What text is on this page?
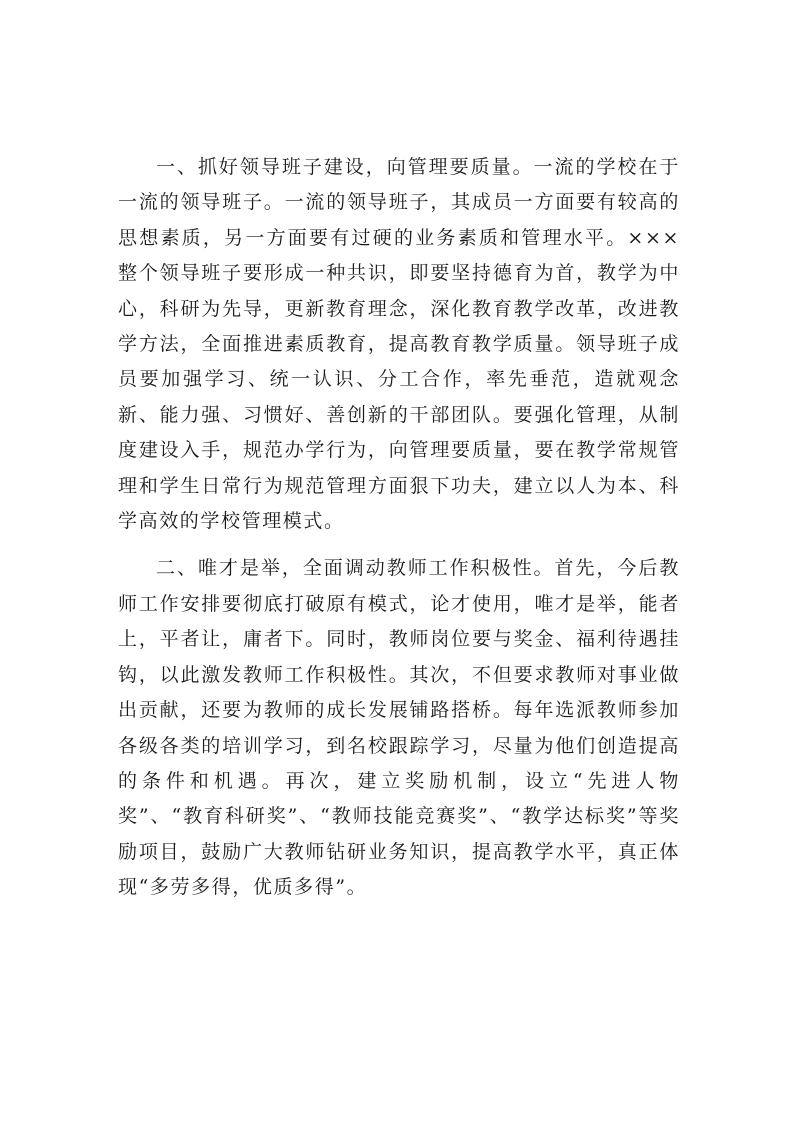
一、抓好领导班子建设，向管理要质量。一流的学校在于一流的领导班子。一流的领导班子，其成员一方面要有较高的思想素质，另一方面要有过硬的业务素质和管理水平。×××整个领导班子要形成一种共识，即要坚持德育为首，教学为中心，科研为先导，更新教育理念，深化教育教学改革，改进教学方法，全面推进素质教育，提高教育教学质量。领导班子成员要加强学习、统一认识、分工合作，率先垂范，造就观念新、能力强、习惯好、善创新的干部团队。要强化管理，从制度建设入手，规范办学行为，向管理要质量，要在教学常规管理和学生日常行为规范管理方面狠下功夫，建立以人为本、科学高效的学校管理模式。

二、唯才是举，全面调动教师工作积极性。首先，今后教师工作安排要彻底打破原有模式，论才使用，唯才是举，能者上，平者让，庸者下。同时，教师岗位要与奖金、福利待遇挂钩，以此激发教师工作积极性。其次，不但要求教师对事业做出贡献，还要为教师的成长发展铺路搭桥。每年选派教师参加各级各类的培训学习，到名校跟踪学习，尽量为他们创造提高的条件和机遇。再次，建立奖励机制，设立“先进人物奖”、“教育科研奖”、“教师技能竞赛奖”、“教学达标奖”等奖励项目，鼓励广大教师钻研业务知识，提高教学水平，真正体现“多劳多得，优质多得”。
